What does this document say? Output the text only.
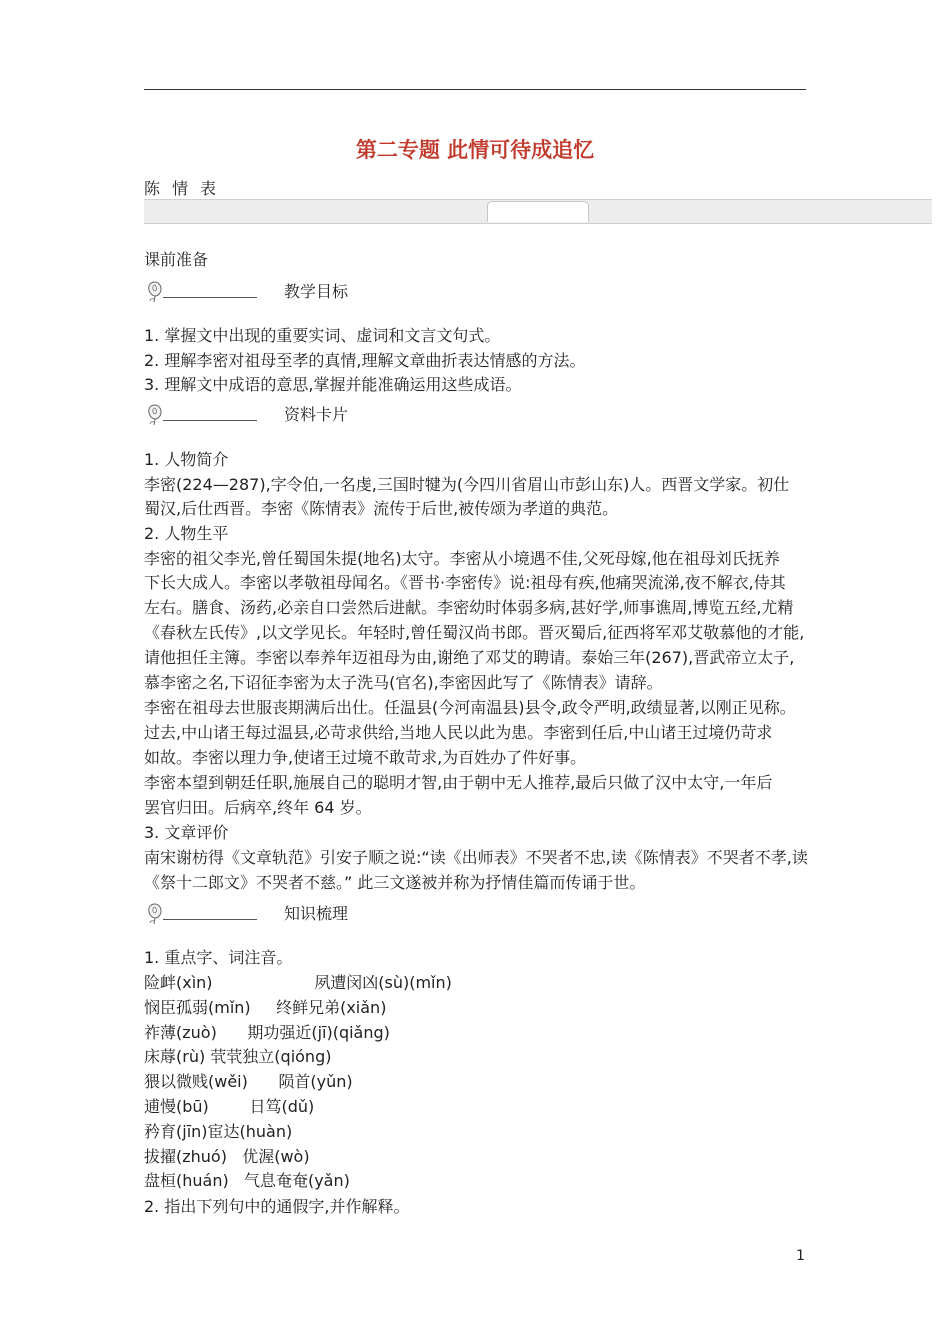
第二专题 此情可待成追忆
陈情表
课前准备
教学目标
1. 掌握文中出现的重要实词、虚词和文言文句式。
2. 理解李密对祖母至孝的真情,理解文章曲折表达情感的方法。
3. 理解文中成语的意思,掌握并能准确运用这些成语。
资料卡片
1. 人物简介
李密(224—287),字令伯,一名虔,三国时犍为(今四川省眉山市彭山东)人。西晋文学家。初仕
蜀汉,后仕西晋。李密《陈情表》流传于后世,被传颂为孝道的典范。
2. 人物生平
李密的祖父李光,曾任蜀国朱提(地名)太守。李密从小境遇不佳,父死母嫁,他在祖母刘氏抚养
下长大成人。李密以孝敬祖母闻名。《晋书·李密传》说:祖母有疾,他痛哭流涕,夜不解衣,侍其
左右。膳食、汤药,必亲自口尝然后进献。李密幼时体弱多病,甚好学,师事谯周,博览五经,尤精
《春秋左氏传》,以文学见长。年轻时,曾任蜀汉尚书郎。晋灭蜀后,征西将军邓艾敬慕他的才能,
请他担任主簿。李密以奉养年迈祖母为由,谢绝了邓艾的聘请。泰始三年(267),晋武帝立太子,
慕李密之名,下诏征李密为太子洗马(官名),李密因此写了《陈情表》请辞。
李密在祖母去世服丧期满后出仕。任温县(今河南温县)县令,政令严明,政绩显著,以刚正见称。
过去,中山诸王每过温县,必苛求供给,当地人民以此为患。李密到任后,中山诸王过境仍苛求
如故。李密以理力争,使诸王过境不敢苛求,为百姓办了件好事。
李密本望到朝廷任职,施展自己的聪明才智,由于朝中无人推荐,最后只做了汉中太守,一年后
罢官归田。后病卒,终年 64 岁。
3. 文章评价
南宋谢枋得《文章轨范》引安子顺之说:“读《出师表》不哭者不忠,读《陈情表》不哭者不孝,读
《祭十二郎文》不哭者不慈。” 此三文遂被并称为抒情佳篇而传诵于世。
知识梳理
1. 重点字、词注音。
险衅(xìn)                    夙遭闵凶(sù)(mǐn)
悯臣孤弱(mǐn)     终鲜兄弟(xiǎn)
祚薄(zuò)      期功强近(jī)(qiǎng)
床蓐(rù) 茕茕独立(qióng)
猥以微贱(wěi)      陨首(yǔn)
逋慢(bū)        日笃(dǔ)
矜育(jīn)宦达(huàn)
拔擢(zhuó)   优渥(wò)
盘桓(huán)   气息奄奄(yǎn)
2. 指出下列句中的通假字,并作解释。
1
